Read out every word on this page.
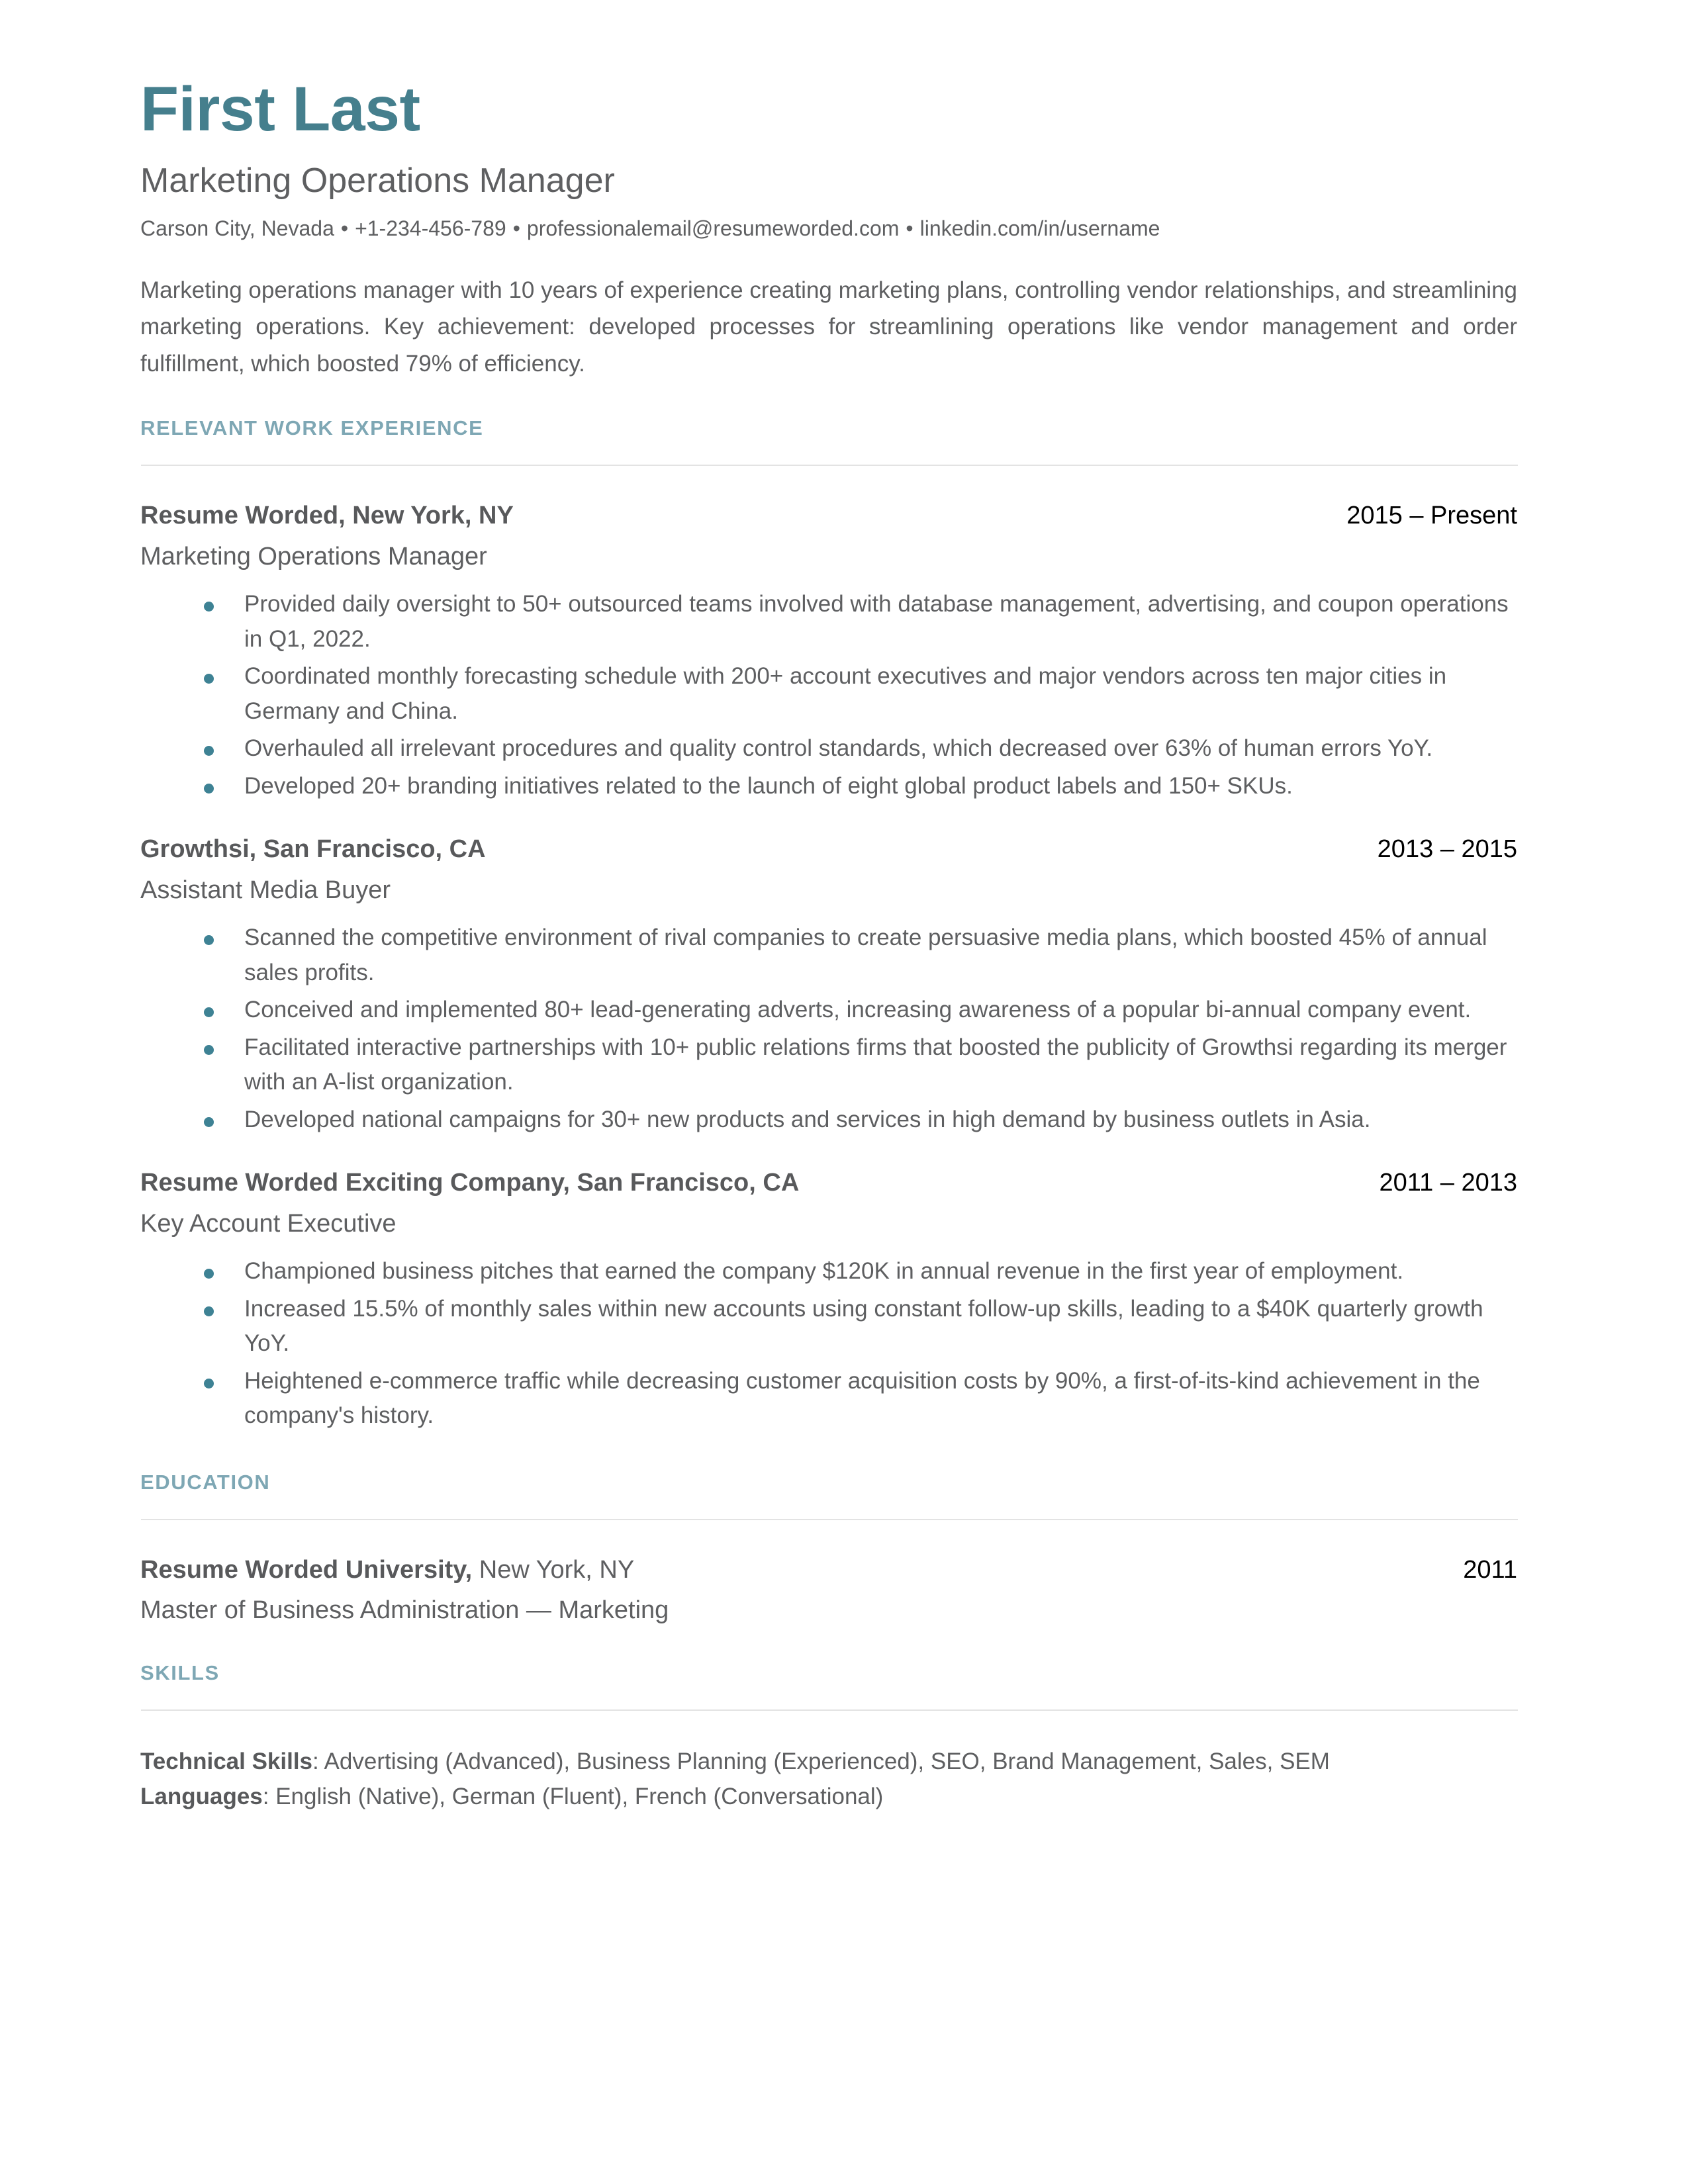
First Last
Marketing Operations Manager
Carson City, Nevada • +1-234-456-789 • professionalemail@resumeworded.com • linkedin.com/in/username

Marketing operations manager with 10 years of experience creating marketing plans, controlling vendor relationships, and streamlining marketing operations. Key achievement: developed processes for streamlining operations like vendor management and order fulfillment, which boosted 79% of efficiency.

RELEVANT WORK EXPERIENCE
Resume Worded, New York, NY	2015 – Present
Marketing Operations Manager
Provided daily oversight to 50+ outsourced teams involved with database management, advertising, and coupon operations in Q1, 2022.
Coordinated monthly forecasting schedule with 200+ account executives and major vendors across ten major cities in Germany and China.
Overhauled all irrelevant procedures and quality control standards, which decreased over 63% of human errors YoY.
Developed 20+ branding initiatives related to the launch of eight global product labels and 150+ SKUs.
Growthsi, San Francisco, CA	2013 – 2015
Assistant Media Buyer
Scanned the competitive environment of rival companies to create persuasive media plans, which boosted 45% of annual sales profits.
Conceived and implemented 80+ lead-generating adverts, increasing awareness of a popular bi-annual company event.
Facilitated interactive partnerships with 10+ public relations firms that boosted the publicity of Growthsi regarding its merger with an A-list organization.
Developed national campaigns for 30+ new products and services in high demand by business outlets in Asia.
Resume Worded Exciting Company, San Francisco, CA	2011 – 2013
Key Account Executive
Championed business pitches that earned the company $120K in annual revenue in the first year of employment.
Increased 15.5% of monthly sales within new accounts using constant follow-up skills, leading to a $40K quarterly growth YoY.
Heightened e-commerce traffic while decreasing customer acquisition costs by 90%, a first-of-its-kind achievement in the company's history.
EDUCATION
Resume Worded University, New York, NY	2011
Master of Business Administration — Marketing
SKILLS
Technical Skills: Advertising (Advanced), Business Planning (Experienced), SEO, Brand Management, Sales, SEM
Languages: English (Native), German (Fluent), French (Conversational)
